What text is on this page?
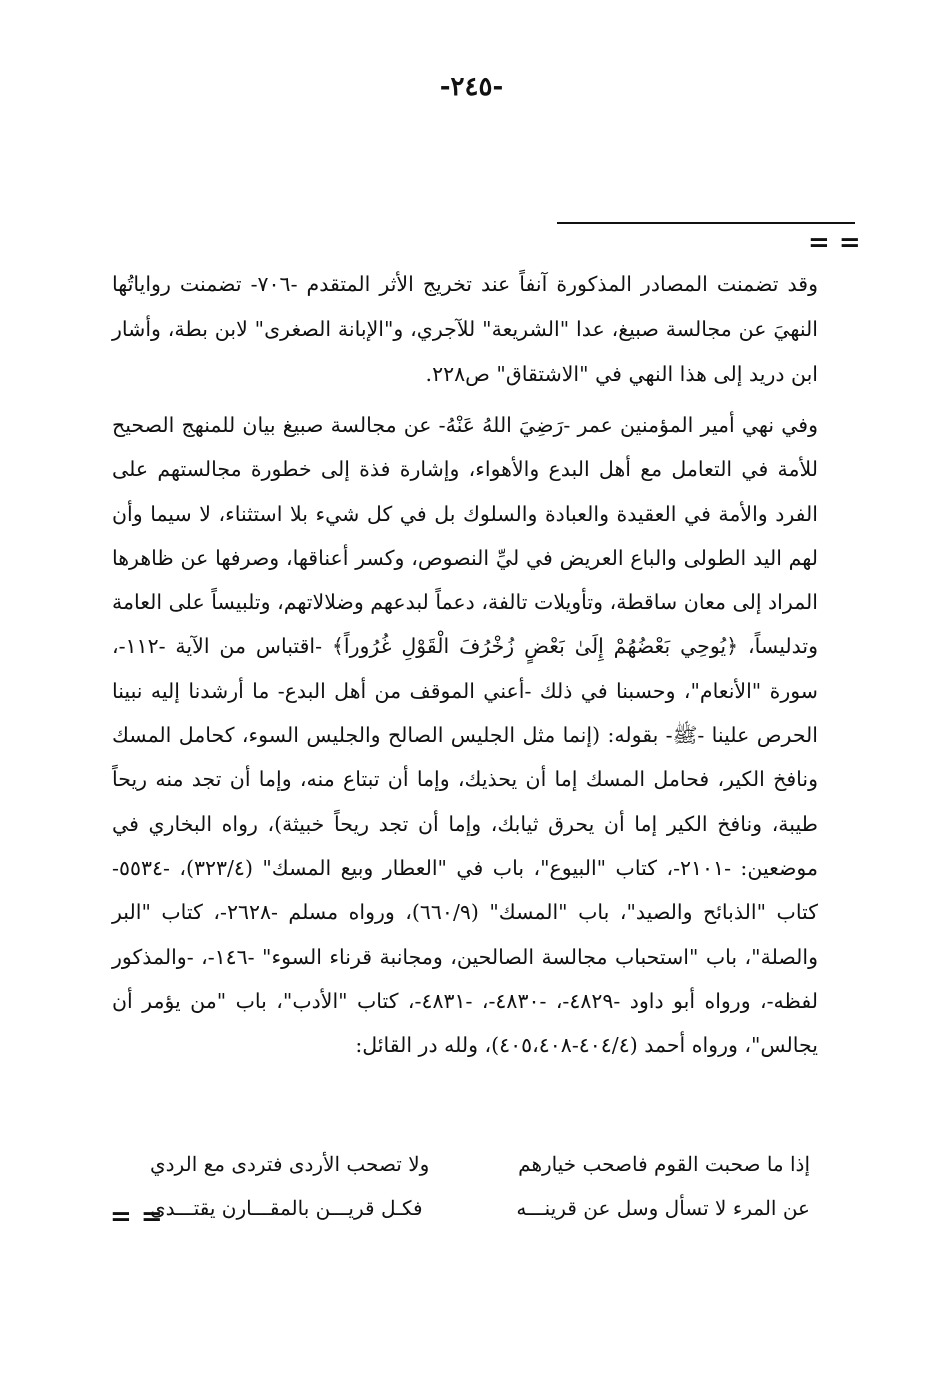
-٢٤٥-
= =
وقد تضمنت المصادر المذكورة آنفاً عند تخريج الأثر المتقدم -٧٠٦- تضمنت رواياتُها النهيَ عن مجالسة صبيغ، عدا "الشريعة" للآجري، و"الإبانة الصغرى" لابن بطة، وأشار ابن دريد إلى هذا النهي في "الاشتقاق" ص٢٢٨.
وفي نهي أمير المؤمنين عمر -رَضِيَ اللهُ عَنْهُ- عن مجالسة صبيغ بيان للمنهج الصحيح للأمة في التعامل مع أهل البدع والأهواء، وإشارة فذة إلى خطورة مجالستهم على الفرد والأمة في العقيدة والعبادة والسلوك بل في كل شيء بلا استثناء، لا سيما وأن لهم اليد الطولى والباع العريض في ليِّ النصوص، وكسر أعناقها، وصرفها عن ظاهرها المراد إلى معان ساقطة، وتأويلات تالفة، دعماً لبدعهم وضلالاتهم، وتلبيساً على العامة وتدليساً، ﴿يُوحِي بَعْضُهُمْ إِلَىٰ بَعْضٍ زُخْرُفَ الْقَوْلِ غُرُوراً﴾ -اقتباس من الآية -١١٢-، سورة "الأنعام"، وحسبنا في ذلك -أعني الموقف من أهل البدع- ما أرشدنا إليه نبينا الحرص علينا -ﷺ- بقوله: (إنما مثل الجليس الصالح والجليس السوء، كحامل المسك ونافخ الكير، فحامل المسك إما أن يحذيك، وإما أن تبتاع منه، وإما أن تجد منه ريحاً طيبة، ونافخ الكير إما أن يحرق ثيابك، وإما أن تجد ريحاً خبيثة)، رواه البخاري في موضعين: -٢١٠١-، كتاب "البيوع"، باب في "العطار وبيع المسك" (٣٢٣/٤)، -٥٥٣٤- كتاب "الذبائح والصيد"، باب "المسك" (٦٦٠/٩)، ورواه مسلم -٢٦٢٨-، كتاب "البر والصلة"، باب "استحباب مجالسة الصالحين، ومجانبة قرناء السوء" -١٤٦-، -والمذكور لفظه-، ورواه أبو داود -٤٨٢٩-، -٤٨٣٠-، -٤٨٣١-، كتاب "الأدب"، باب "من يؤمر أن يجالس"، ورواه أحمد (٤٠٤/٤-٤٠٥،٤٠٨)، ولله در القائل:
إذا ما صحبت القوم فاصحب خيارهم
ولا تصحب الأردى فتردى مع الردي
عن المرء لا تسأل وسل عن قرينـــه
فكـل قريـــن بالمقـــارن يقتـــدي
= =
